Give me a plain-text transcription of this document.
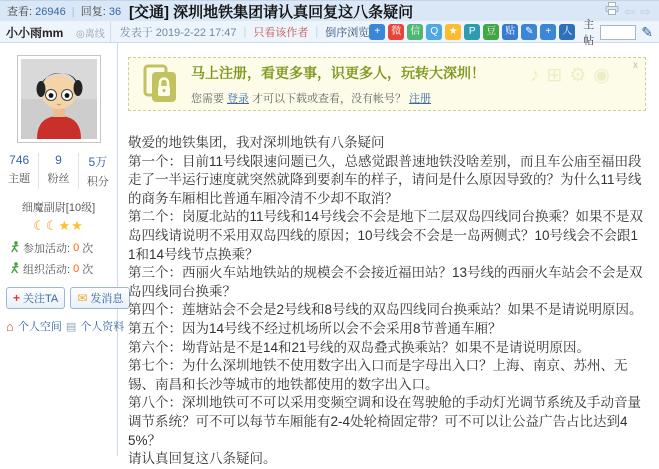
查看: 26946 | 回复: 36 [交通] 深圳地铁集团请认真回复这八条疑问	⇦ ⇨
小小雨mm ◎离线 发表于 2019-2-22 17:47 | 只看该作者 | 倒序浏览 +	微 信	Q	★	P	豆 贴 ✎	+	人
主帖
✎
746
主题
9
粉丝
5万
积分
细魔副尉[10级]
☾☾★★
参加活动: 0 次
组织活动: 0 次
+ 关注TA ✉ 发消息
⌂ 个人空间 ▤ 个人资料
马上注册，看更多事，识更多人，玩转大深圳！
您需要 登录 才可以下载或查看，没有帐号？ 注册
♪⊞⚙◉ x
敬爱的地铁集团，我对深圳地铁有八条疑问
第一个：目前11号线限速问题已久，总感觉跟普速地铁没啥差别，而且车公庙至福田段走了一半运行速度就突然就降到要刹车的样子，请问是什么原因导致的？为什么11号线的商务车厢相比普通车厢冷清不少却不取消？
第二个：岗厦北站的11号线和14号线会不会是地下二层双岛四线同台换乘？如果不是双岛四线请说明不采用双岛四线的原因；10号线会不会是一岛两侧式？10号线会不会跟11和14号线节点换乘？
第三个：西丽火车站地铁站的规模会不会接近福田站？13号线的西丽火车站会不会是双岛四线同台换乘？
第四个：莲塘站会不会是2号线和8号线的双岛四线同台换乘站？如果不是请说明原因。
第五个：因为14号线不经过机场所以会不会采用8节普通车厢？
第六个：坳背站是不是14和21号线的双岛叠式换乘站？如果不是请说明原因。
第七个：为什么深圳地铁不使用数字出入口而是字母出入口？上海、南京、苏州、无锡、南昌和长沙等城市的地铁都使用的数字出入口。
第八个：深圳地铁可不可以采用变频空调和设在驾驶舱的手动灯光调节系统及手动音量调节系统？可不可以每节车厢能有2-4处轮椅固定带？可不可以让公益广告占比达到45%？
请认真回复这八条疑问。
